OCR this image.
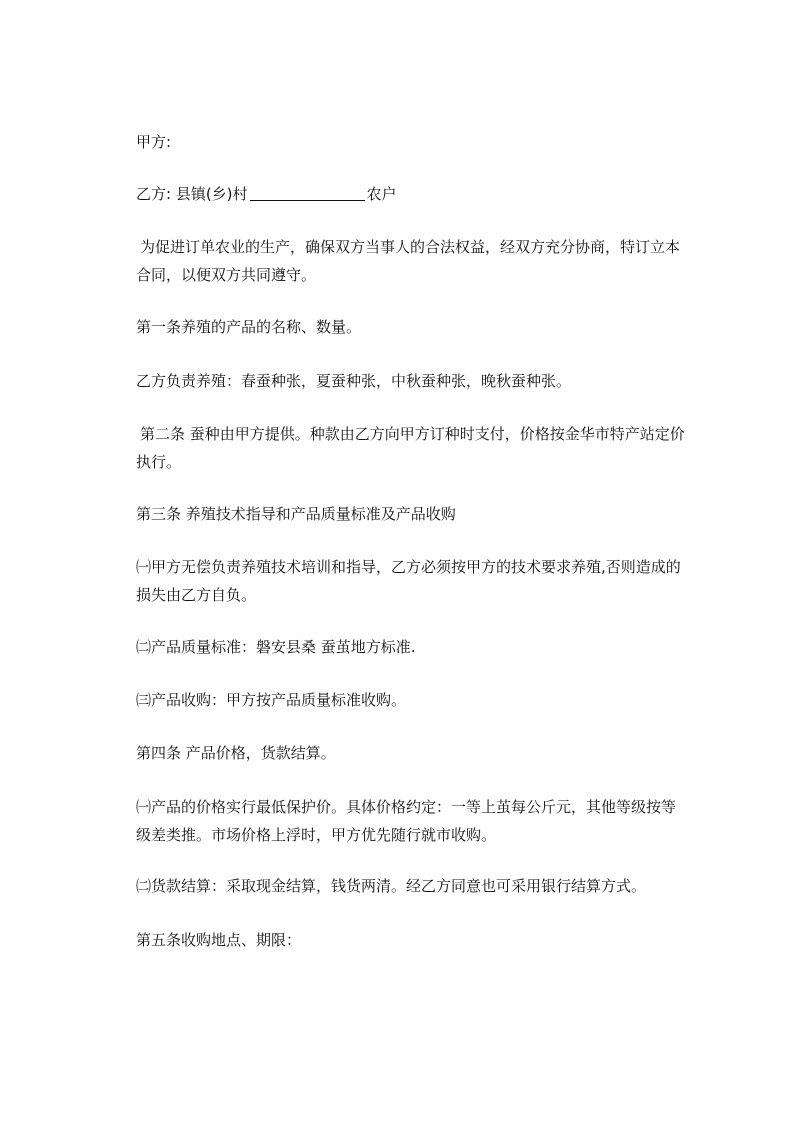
甲方:

乙方: 县镇(乡)村	农户

为促进订单农业的生产，确保双方当事人的合法权益，经双方充分协商，特订立本合同，以便双方共同遵守。

第一条养殖的产品的名称、数量。

乙方负责养殖：春蚕种张，夏蚕种张，中秋蚕种张，晚秋蚕种张。

第二条 蚕种由甲方提供。种款由乙方向甲方订种时支付，价格按金华市特产站定价执行。

第三条 养殖技术指导和产品质量标准及产品收购

㈠甲方无偿负责养殖技术培训和指导，乙方必须按甲方的技术要求养殖,否则造成的损失由乙方自负。

㈡产品质量标准：磐安县桑 蚕茧地方标准.

㈢产品收购：甲方按产品质量标准收购。

第四条 产品价格，货款结算。

㈠产品的价格实行最低保护价。具体价格约定：一等上茧每公斤元，其他等级按等级差类推。市场价格上浮时，甲方优先随行就市收购。

㈡货款结算：采取现金结算，钱货两清。经乙方同意也可采用银行结算方式。

第五条收购地点、期限：
